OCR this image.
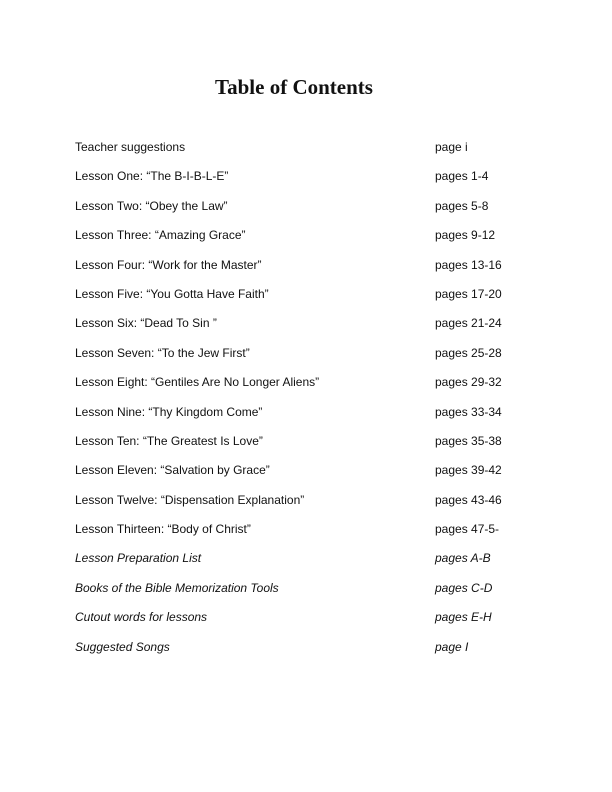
Table of Contents
Teacher suggestions	page i
Lesson One: “The B-I-B-L-E”	pages 1-4
Lesson Two: “Obey the Law”	pages 5-8
Lesson Three: “Amazing Grace”	pages 9-12
Lesson Four: “Work for the Master”	pages 13-16
Lesson Five: “You Gotta Have Faith”	pages 17-20
Lesson Six: “Dead To Sin ”	pages 21-24
Lesson Seven: “To the Jew First”	pages 25-28
Lesson Eight: “Gentiles Are No Longer Aliens”	pages 29-32
Lesson Nine: “Thy Kingdom Come”	pages 33-34
Lesson Ten: “The Greatest Is Love”	pages 35-38
Lesson Eleven: “Salvation by Grace”	pages 39-42
Lesson Twelve: “Dispensation Explanation”	pages 43-46
Lesson Thirteen: “Body of Christ”	pages 47-5-
Lesson Preparation List	pages A-B
Books of the Bible Memorization Tools	pages C-D
Cutout words for lessons	pages E-H
Suggested Songs	page I
